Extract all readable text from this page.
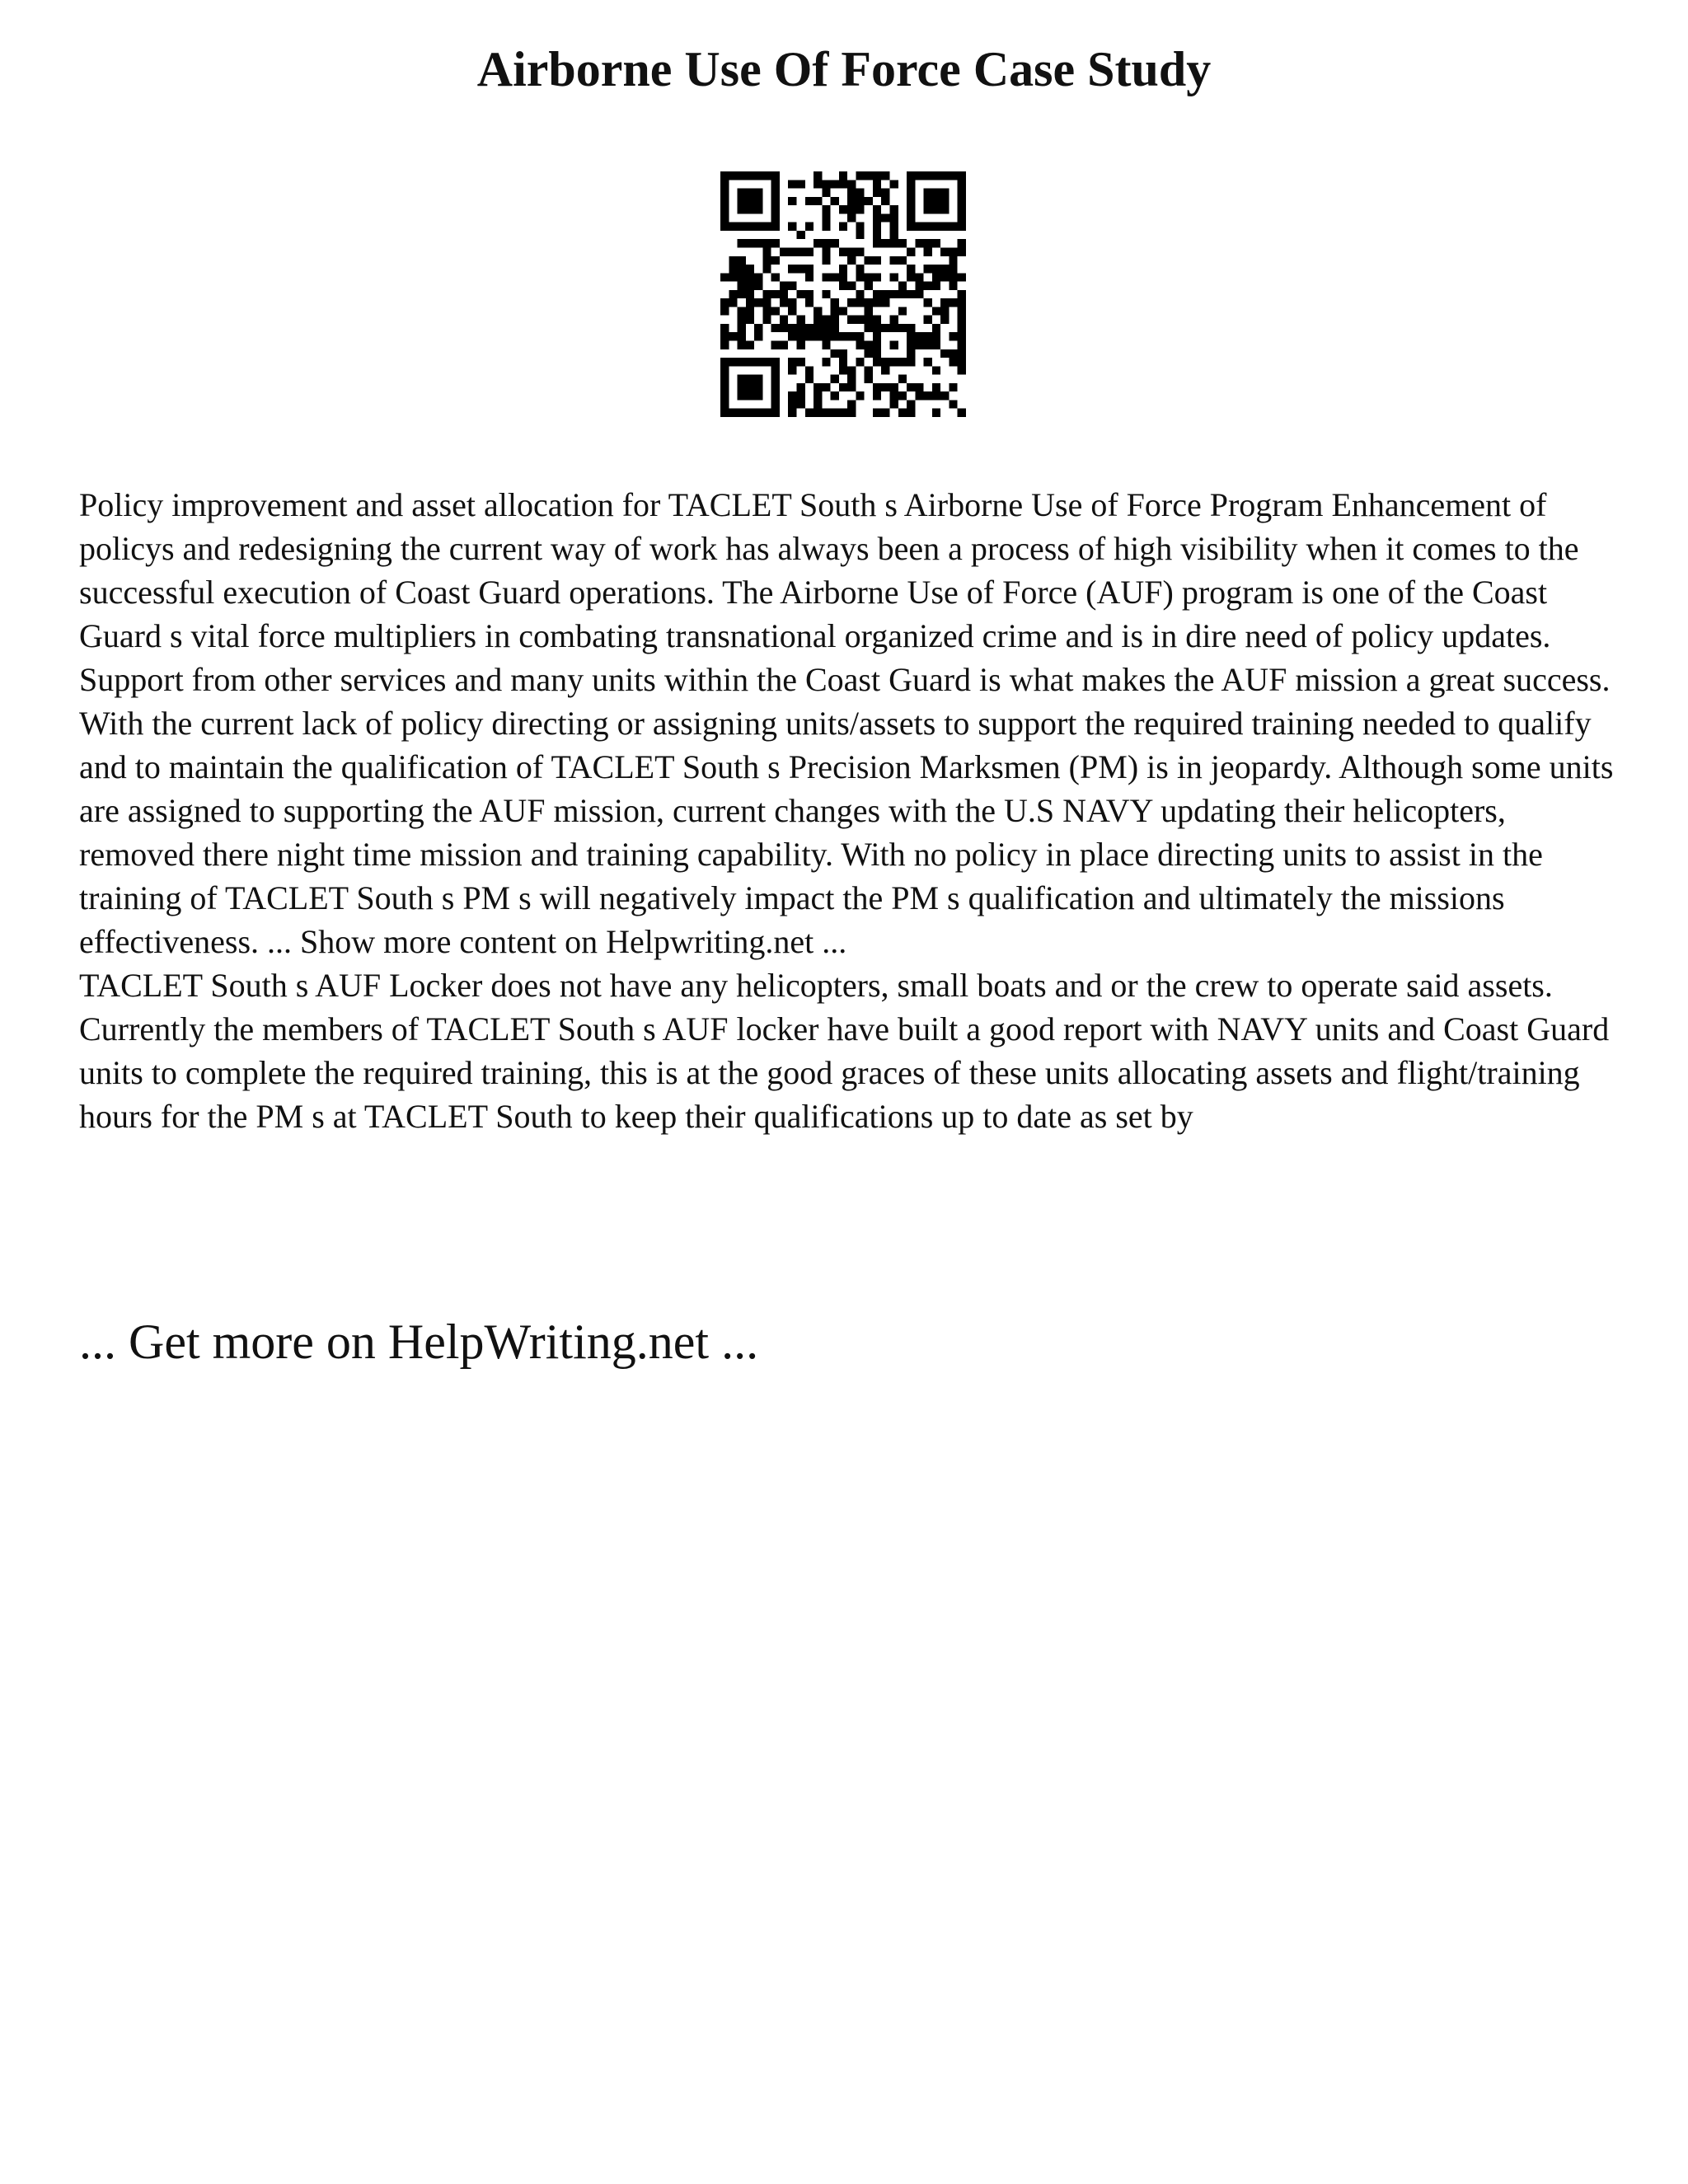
Airborne Use Of Force Case Study

Policy improvement and asset allocation for TACLET South s Airborne Use of Force Program Enhancement of policys and redesigning the current way of work has always been a process of high visibility when it comes to the successful execution of Coast Guard operations. The Airborne Use of Force (AUF) program is one of the Coast Guard s vital force multipliers in combating transnational organized crime and is in dire need of policy updates. Support from other services and many units within the Coast Guard is what makes the AUF mission a great success.

With the current lack of policy directing or assigning units/assets to support the required training needed to qualify and to maintain the qualification of TACLET South s Precision Marksmen (PM) is in jeopardy. Although some units are assigned to supporting the AUF mission, current changes with the U.S NAVY updating their helicopters, removed there night time mission and training capability. With no policy in place directing units to assist in the training of TACLET South s PM s will negatively impact the PM s qualification and ultimately the missions effectiveness. ... Show more content on Helpwriting.net ...

TACLET South s AUF Locker does not have any helicopters, small boats and or the crew to operate said assets. Currently the members of TACLET South s AUF locker have built a good report with NAVY units and Coast Guard units to complete the required training, this is at the good graces of these units allocating assets and flight/training hours for the PM s at TACLET South to keep their qualifications up to date as set by

... Get more on HelpWriting.net ...
